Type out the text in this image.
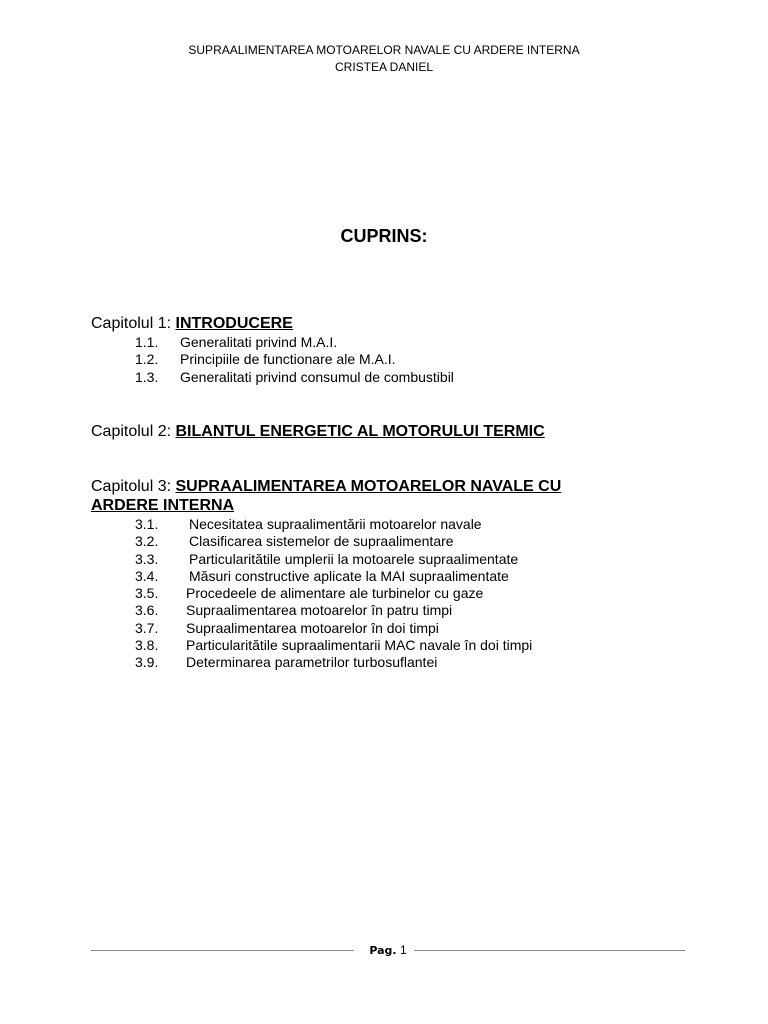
SUPRAALIMENTAREA MOTOARELOR NAVALE CU ARDERE INTERNA
CRISTEA DANIEL
CUPRINS:
Capitolul 1: INTRODUCERE
1.1. Generalitati privind M.A.I.
1.2. Principiile de functionare ale M.A.I.
1.3. Generalitati privind consumul de combustibil
Capitolul 2: BILANTUL ENERGETIC AL MOTORULUI TERMIC
Capitolul 3: SUPRAALIMENTAREA MOTOARELOR NAVALE CU ARDERE INTERNA
3.1. Necesitatea supraalimentării motoarelor navale
3.2. Clasificarea sistemelor de supraalimentare
3.3. Particularitătile umplerii la motoarele supraalimentate
3.4. Măsuri constructive aplicate la MAI supraalimentate
3.5. Procedeele de alimentare ale turbinelor cu gaze
3.6. Supraalimentarea motoarelor în patru timpi
3.7. Supraalimentarea motoarelor în doi timpi
3.8. Particularitătile supraalimentarii MAC navale în doi timpi
3.9. Determinarea parametrilor turbosuflantei
Pag. 1
